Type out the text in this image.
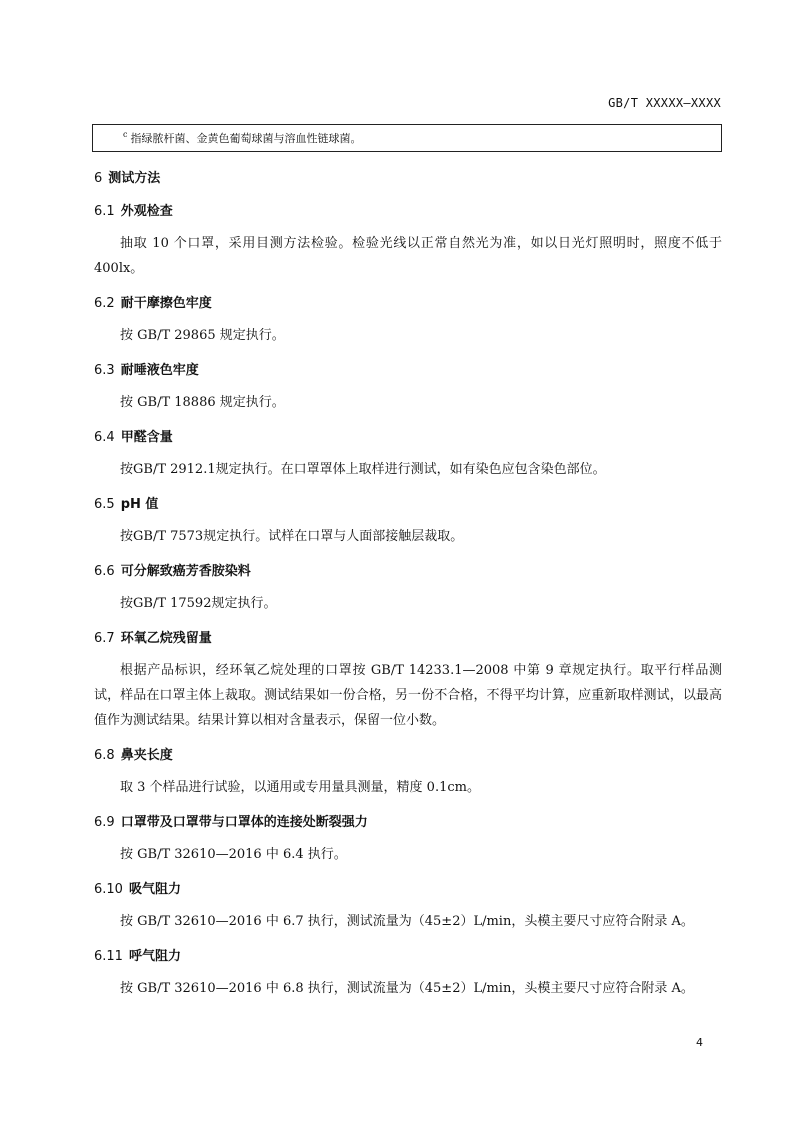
GB/T XXXXX—XXXX
$^c$ 指绿脓杆菌、金黄色葡萄球菌与溶血性链球菌。
6 测试方法
6.1 外观检查

抽取 10 个口罩，采用目测方法检验。检验光线以正常自然光为准，如以日光灯照明时，照度不低于 400lx。

6.2 耐干摩擦色牢度

按 GB/T 29865 规定执行。

6.3 耐唾液色牢度

按 GB/T 18886 规定执行。

6.4 甲醛含量

按GB/T 2912.1规定执行。在口罩罩体上取样进行测试，如有染色应包含染色部位。

6.5 pH 值

按GB/T 7573规定执行。试样在口罩与人面部接触层裁取。

6.6 可分解致癌芳香胺染料

按GB/T 17592规定执行。

6.7 环氧乙烷残留量

根据产品标识，经环氧乙烷处理的口罩按 GB/T 14233.1—2008 中第 9 章规定执行。取平行样品测试，样品在口罩主体上裁取。测试结果如一份合格，另一份不合格，不得平均计算，应重新取样测试，以最高值作为测试结果。结果计算以相对含量表示，保留一位小数。

6.8 鼻夹长度

取 3 个样品进行试验，以通用或专用量具测量，精度 0.1cm。

6.9 口罩带及口罩带与口罩体的连接处断裂强力

按 GB/T 32610—2016 中 6.4 执行。

6.10 吸气阻力

按 GB/T 32610—2016 中 6.7 执行，测试流量为（45±2）L/min，头模主要尺寸应符合附录 A。

6.11 呼气阻力

按 GB/T 32610—2016 中 6.8 执行，测试流量为（45±2）L/min，头模主要尺寸应符合附录 A。

4
